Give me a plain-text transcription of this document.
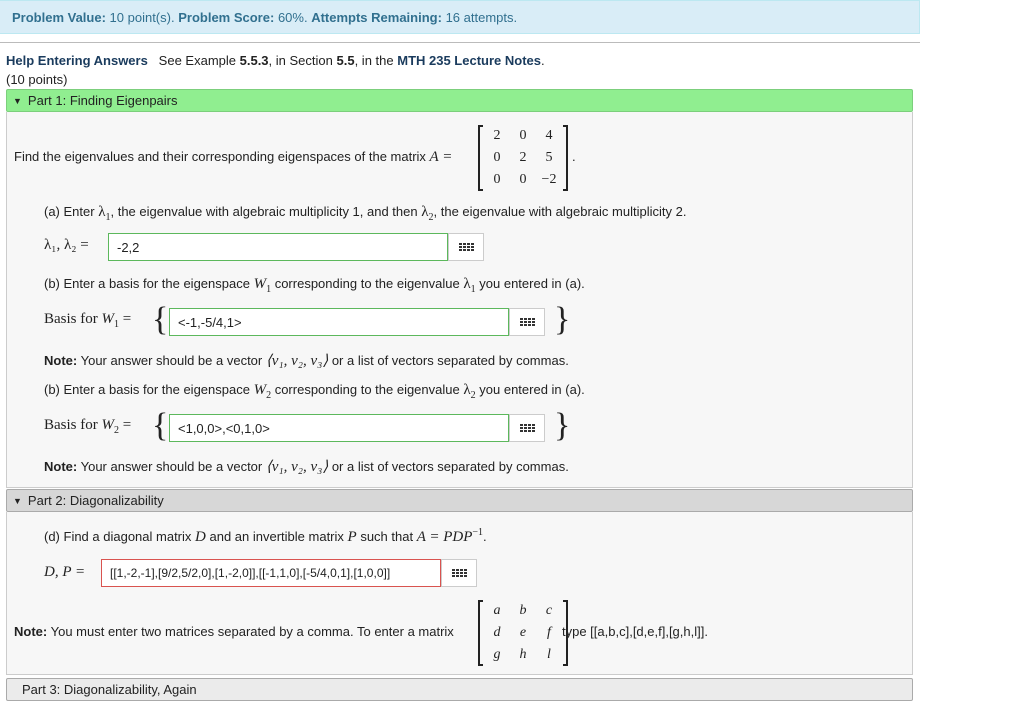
Problem Value:
10 point(s).
Problem Score:
60%.
Attempts Remaining:
16 attempts.
Help Entering Answers See Example 5.5.3, in Section 5.5, in the MTH 235 Lecture Notes.
(10 points)
▼ Part 1: Finding Eigenpairs
Find the eigenvalues and their corresponding eigenspaces of the matrix A =
2	0	4
0	2	5
0	0	−2
.
(a) Enter $\lambda_1$, the eigenvalue with algebraic multiplicity 1, and then $\lambda_2$, the eigenvalue with algebraic multiplicity 2.
λ₁, λ₂ =	-2,2
(b) Enter a basis for the eigenspace $W_1$ corresponding to the eigenvalue $\lambda_1$ you entered in (a).
Basis for $W_1$ = { <-1,-5/4,1>	}
Note: Your answer should be a vector ⟨v₁, v₂, v₃⟩ or a list of vectors separated by commas.
(b) Enter a basis for the eigenspace $W_2$ corresponding to the eigenvalue $\lambda_2$ you entered in (a).
Basis for $W_2$ = { <1,0,0>,<0,1,0>	}
Note: Your answer should be a vector ⟨v₁, v₂, v₃⟩ or a list of vectors separated by commas.
▼ Part 2: Diagonalizability
(d) Find a diagonal matrix D and an invertible matrix P such that $A = PDP^{-1}$.
D, P =	[[1,-2,-1],[9/2,5/2,0],[1,-2,0]],[[-1,1,0],[-5/4,0,1],[1,0,0]]
Note: You must enter two matrices separated by a comma. To enter a matrix
a	b	c
d	e	f
g	h	l
type [[a,b,c],[d,e,f],[g,h,l]].
Part 3: Diagonalizability, Again
